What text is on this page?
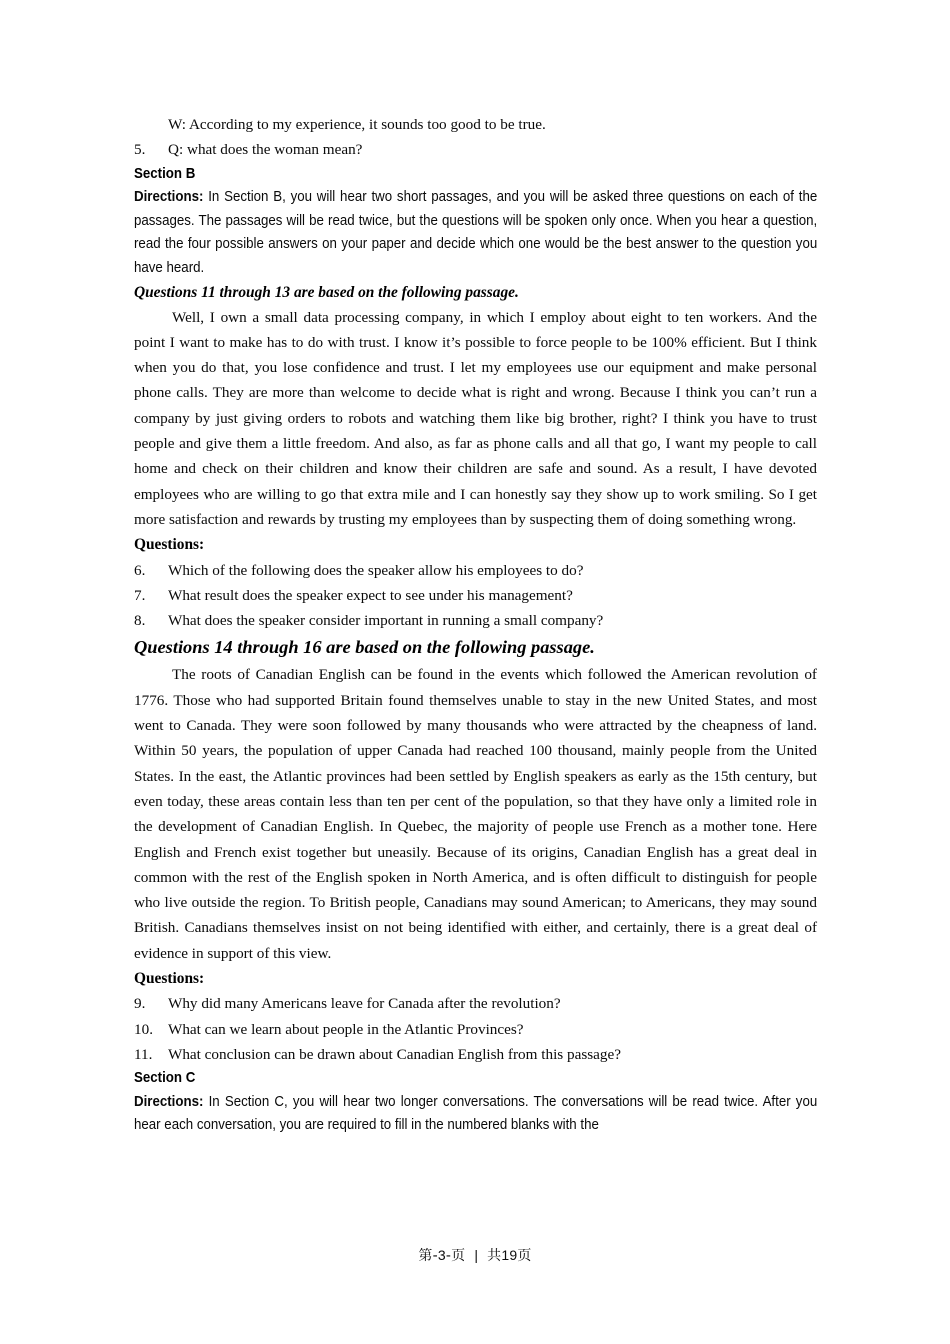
W: According to my experience, it sounds too good to be true.
5.	Q: what does the woman mean?
Section B
Directions: In Section B, you will hear two short passages, and you will be asked three questions on each of the passages. The passages will be read twice, but the questions will be spoken only once. When you hear a question, read the four possible answers on your paper and decide which one would be the best answer to the question you have heard.
Questions 11 through 13 are based on the following passage.

Well, I own a small data processing company, in which I employ about eight to ten workers. And the point I want to make has to do with trust. I know it’s possible to force people to be 100% efficient. But I think when you do that, you lose confidence and trust. I let my employees use our equipment and make personal phone calls. They are more than welcome to decide what is right and wrong. Because I think you can’t run a company by just giving orders to robots and watching them like big brother, right? I think you have to trust people and give them a little freedom. And also, as far as phone calls and all that go, I want my people to call home and check on their children and know their children are safe and sound. As a result, I have devoted employees who are willing to go that extra mile and I can honestly say they show up to work smiling. So I get more satisfaction and rewards by trusting my employees than by suspecting them of doing something wrong.

Questions:
6.	Which of the following does the speaker allow his employees to do?
7.	What result does the speaker expect to see under his management?
8.	What does the speaker consider important in running a small company?
Questions 14 through 16 are based on the following passage.

The roots of Canadian English can be found in the events which followed the American revolution of 1776. Those who had supported Britain found themselves unable to stay in the new United States, and most went to Canada. They were soon followed by many thousands who were attracted by the cheapness of land. Within 50 years, the population of upper Canada had reached 100 thousand, mainly people from the United States. In the east, the Atlantic provinces had been settled by English speakers as early as the 15th century, but even today, these areas contain less than ten per cent of the population, so that they have only a limited role in the development of Canadian English. In Quebec, the majority of people use French as a mother tone. Here English and French exist together but uneasily. Because of its origins, Canadian English has a great deal in common with the rest of the English spoken in North America, and is often difficult to distinguish for people who live outside the region. To British people, Canadians may sound American; to Americans, they may sound British. Canadians themselves insist on not being identified with either, and certainly, there is a great deal of evidence in support of this view.

Questions:
9.	Why did many Americans leave for Canada after the revolution?
10. What can we learn about people in the Atlantic Provinces?
11.	What conclusion can be drawn about Canadian English from this passage?
Section C
Directions: In Section C, you will hear two longer conversations. The conversations will be read twice. After you hear each conversation, you are required to fill in the numbered blanks with the
第-3-页 | 共19页
